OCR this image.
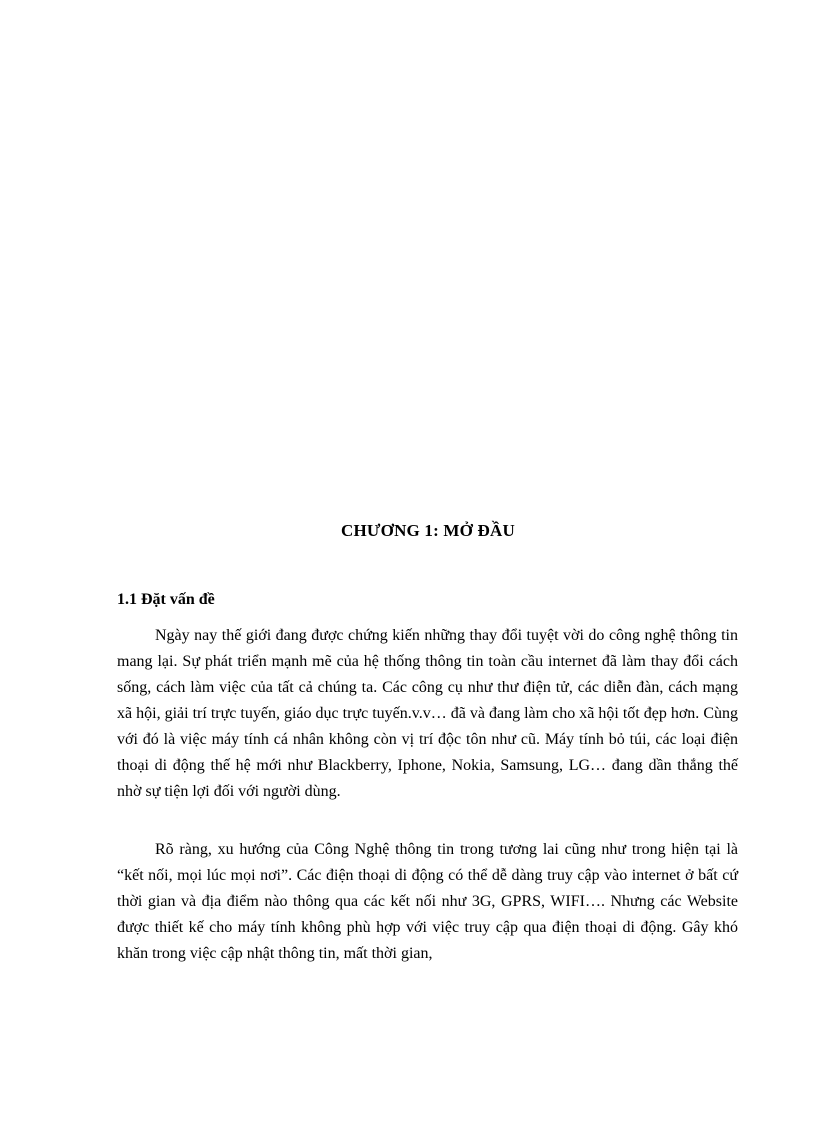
CHƯƠNG 1: MỞ ĐẦU
1.1 Đặt vấn đề

Ngày nay thế giới đang được chứng kiến những thay đổi tuyệt vời do công nghệ thông tin mang lại. Sự phát triển mạnh mẽ của hệ thống thông tin toàn cầu internet đã làm thay đổi cách sống, cách làm việc của tất cả chúng ta. Các công cụ như thư điện tử, các diễn đàn, cách mạng xã hội, giải trí trực tuyến, giáo dục trực tuyến.v.v… đã và đang làm cho xã hội tốt đẹp hơn. Cùng với đó là việc máy tính cá nhân không còn vị trí độc tôn như cũ. Máy tính bỏ túi, các loại điện thoại di động thế hệ mới như Blackberry, Iphone, Nokia, Samsung, LG… đang dần thắng thế nhờ sự tiện lợi đối với người dùng.

Rõ ràng, xu hướng của Công Nghệ thông tin trong tương lai cũng như trong hiện tại là “kết nối, mọi lúc mọi nơi”. Các điện thoại di động có thể dễ dàng truy cập vào internet ở bất cứ thời gian và địa điểm nào thông qua các kết nối như 3G, GPRS, WIFI…. Nhưng các Website được thiết kế cho máy tính không phù hợp với việc truy cập qua điện thoại di động. Gây khó khăn trong việc cập nhật thông tin, mất thời gian,
